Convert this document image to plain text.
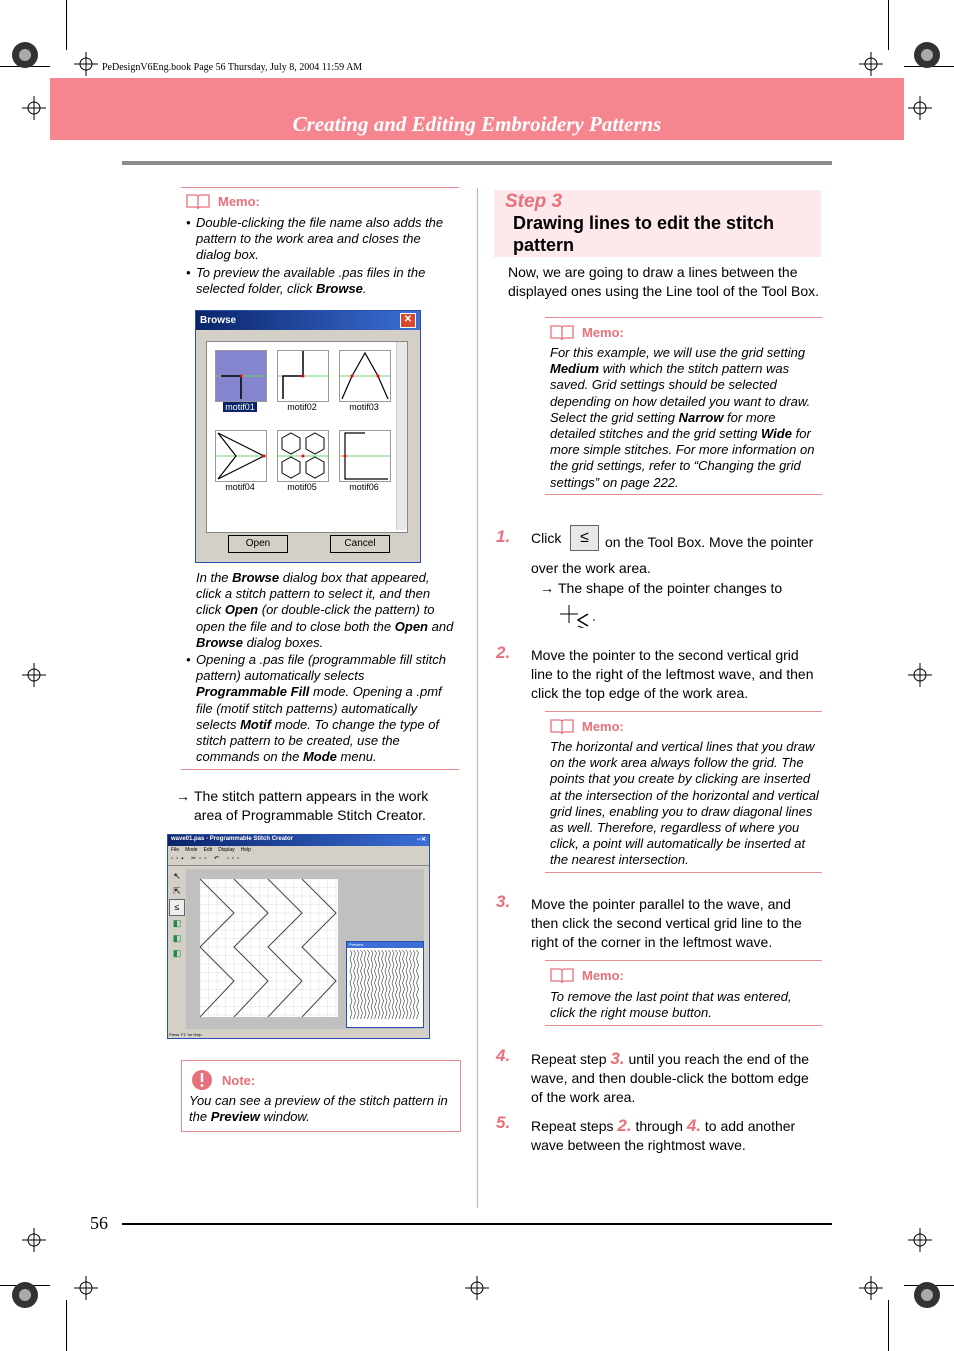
PeDesignV6Eng.book Page 56 Thursday, July 8, 2004 11:59 AM
Creating and Editing Embroidery Patterns
Memo:
• Double-clicking the file name also adds the pattern to the work area and closes the dialog box.
• To preview the available .pas files in the selected folder, click Browse.
Browse	✕
motif01	motif02	motif03
motif04	motif05	motif06
Open	Cancel
In the Browse dialog box that appeared, click a stitch pattern to select it, and then click Open (or double-click the pattern) to open the file and to close both the Open and Browse dialog boxes.
• Opening a .pas file (programmable fill stitch pattern) automatically selects Programmable Fill mode. Opening a .pmf file (motif stitch patterns) automatically selects Motif mode. To change the type of stitch pattern to be created, use the commands on the Mode menu.
→ The stitch pattern appears in the work area of Programmable Stitch Creator.
wave01.pas - Programmable Stitch Creator	▫▫✕
File Mode Edit Display Help
▫▫▪ ✂▫▫ ↶ ▫▫▫
↖
⇱
≤
◧
◧
◧
Preview
Press 'F1' for Help
Note:
You can see a preview of the stitch pattern in the Preview window.
Step 3
Drawing lines to edit the stitch pattern
Now, we are going to draw a lines between the displayed ones using the Line tool of the Tool Box.
Memo:
For this example, we will use the grid setting Medium with which the stitch pattern was saved. Grid settings should be selected depending on how detailed you want to draw. Select the grid setting Narrow for more detailed stitches and the grid setting Wide for more simple stitches. For more information on the grid settings, refer to “Changing the grid settings” on page 222.
1. Click	≤	on the Tool Box. Move the pointer over the work area.
→ The shape of the pointer changes to
2. Move the pointer to the second vertical grid line to the right of the leftmost wave, and then click the top edge of the work area.
Memo:
The horizontal and vertical lines that you draw on the work area always follow the grid. The points that you create by clicking are inserted at the intersection of the horizontal and vertical grid lines, enabling you to draw diagonal lines as well. Therefore, regardless of where you click, a point will automatically be inserted at the nearest intersection.
3. Move the pointer parallel to the wave, and then click the second vertical grid line to the right of the corner in the leftmost wave.
Memo:
To remove the last point that was entered, click the right mouse button.
4. Repeat step 3. until you reach the end of the wave, and then double-click the bottom edge of the work area.
5. Repeat steps 2. through 4. to add another wave between the rightmost wave.
56
